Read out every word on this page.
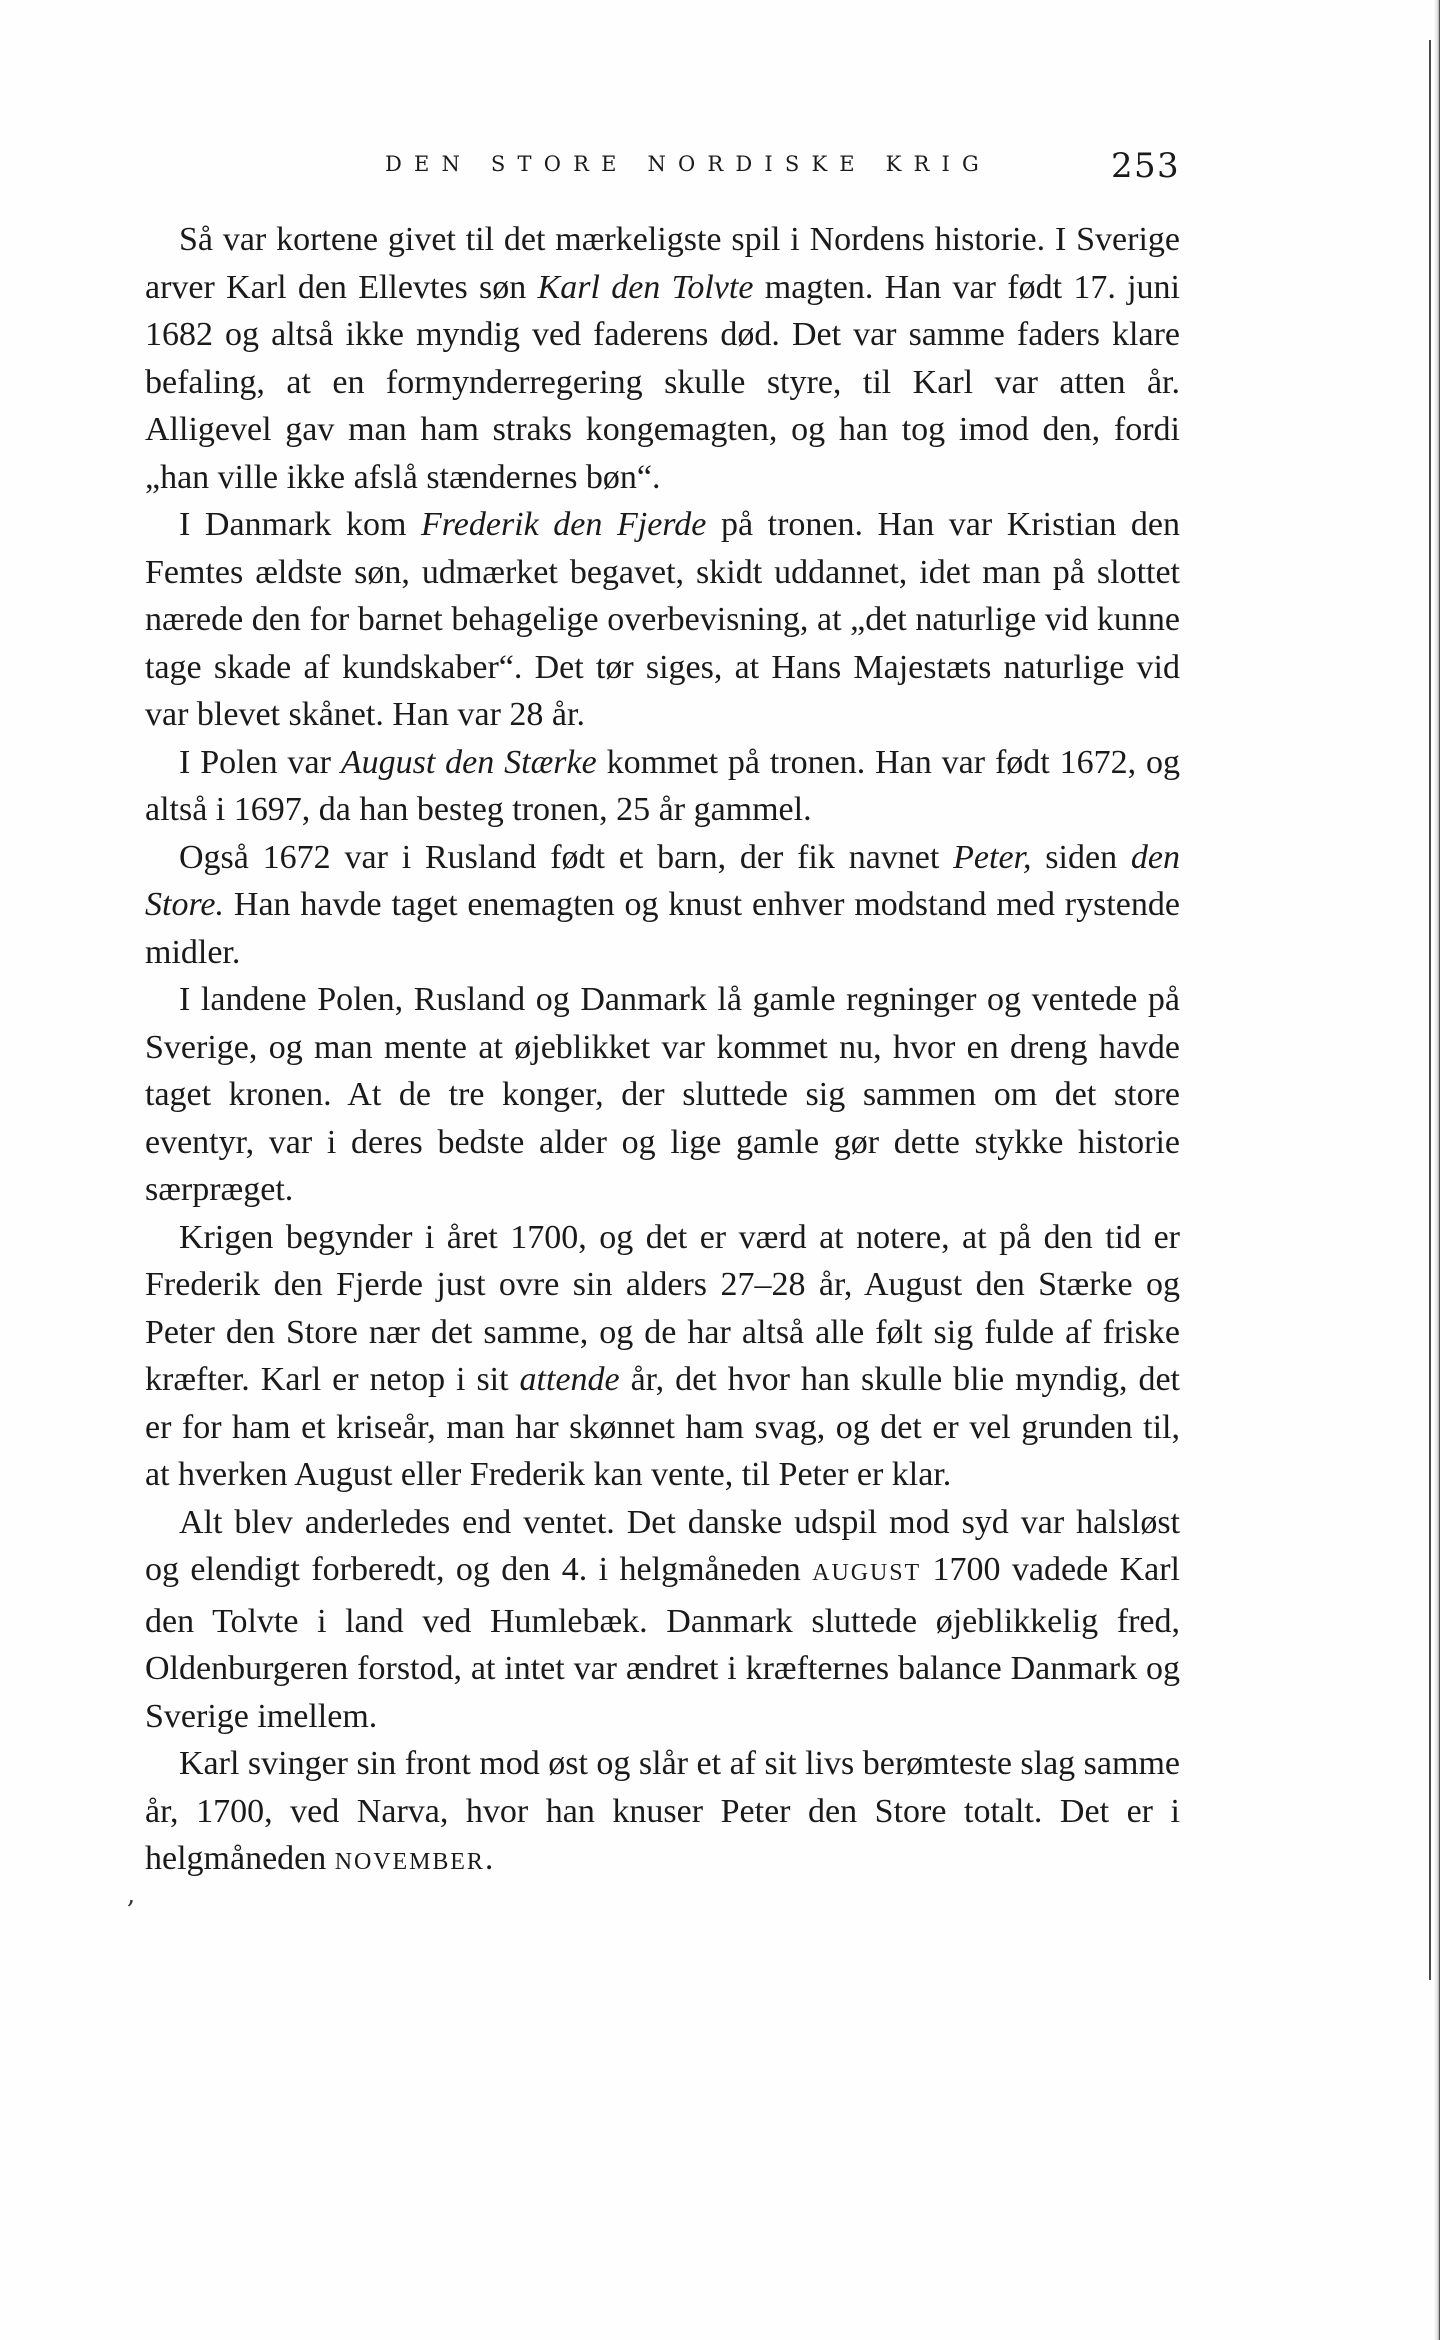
DEN STORE NORDISKE KRIG	253

Så var kortene givet til det mærkeligste spil i Nordens historie. I Sverige arver Karl den Ellevtes søn Karl den Tolvte magten. Han var født 17. juni 1682 og altså ikke myndig ved faderens død. Det var samme faders klare befaling, at en formynderregering skulle styre, til Karl var atten år. Alligevel gav man ham straks kongemagten, og han tog imod den, fordi „han ville ikke afslå stændernes bøn“.

I Danmark kom Frederik den Fjerde på tronen. Han var Kristian den Femtes ældste søn, udmærket begavet, skidt uddannet, idet man på slottet nærede den for barnet behagelige overbevisning, at „det naturlige vid kunne tage skade af kundskaber“. Det tør siges, at Hans Majestæts naturlige vid var blevet skånet. Han var 28 år.

I Polen var August den Stærke kommet på tronen. Han var født 1672, og altså i 1697, da han besteg tronen, 25 år gammel.

Også 1672 var i Rusland født et barn, der fik navnet Peter, siden den Store. Han havde taget enemagten og knust enhver modstand med rystende midler.

I landene Polen, Rusland og Danmark lå gamle regninger og ventede på Sverige, og man mente at øjeblikket var kommet nu, hvor en dreng havde taget kronen. At de tre konger, der sluttede sig sammen om det store eventyr, var i deres bedste alder og lige gamle gør dette stykke historie særpræget.

Krigen begynder i året 1700, og det er værd at notere, at på den tid er Frederik den Fjerde just ovre sin alders 27–28 år, August den Stærke og Peter den Store nær det samme, og de har altså alle følt sig fulde af friske kræfter. Karl er netop i sit attende år, det hvor han skulle blie myndig, det er for ham et kriseår, man har skønnet ham svag, og det er vel grunden til, at hverken August eller Frederik kan vente, til Peter er klar.

Alt blev anderledes end ventet. Det danske udspil mod syd var halsløst og elendigt forberedt, og den 4. i helgmåneden AUGUST 1700 vadede Karl den Tolvte i land ved Humlebæk. Danmark sluttede øjeblikkelig fred, Oldenburgeren forstod, at intet var ændret i kræfternes balance Danmark og Sverige imellem.

Karl svinger sin front mod øst og slår et af sit livs berømteste slag samme år, 1700, ved Narva, hvor han knuser Peter den Store totalt. Det er i helgmåneden NOVEMBER.

,
